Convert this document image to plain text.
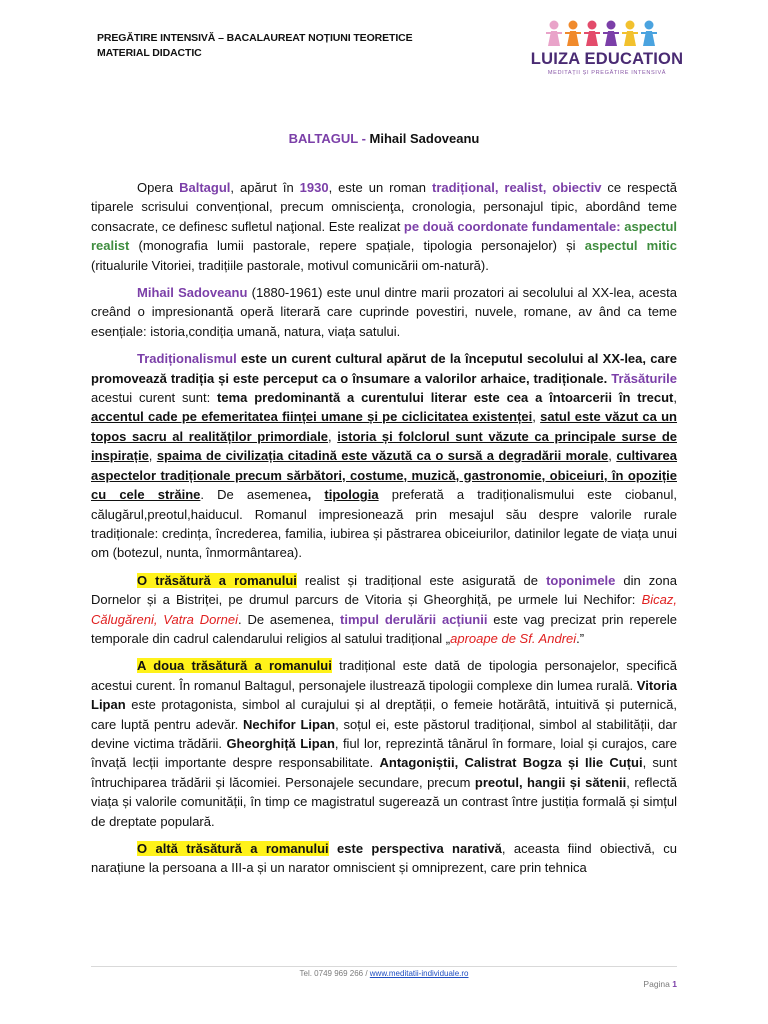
PREGĂTIRE INTENSIVĂ – BACALAUREAT NOȚIUNI TEORETICE
MATERIAL DIDACTIC	LUIZA EDUCATION
MEDITAȚII ȘI PREGĂTIRE INTENSIVĂ
BALTAGUL - Mihail Sadoveanu

Opera Baltagul, apărut în 1930, este un roman tradițional, realist, obiectiv ce respectă tiparele scrisului convențional, precum omniscienţa, cronologia, personajul tipic, abordând teme consacrate, ce definesc sufletul naţional. Este realizat pe două coordonate fundamentale: aspectul realist (monografia lumii pastorale, repere spațiale, tipologia personajelor) și aspectul mitic (ritualurile Vitoriei, tradițiile pastorale, motivul comunicării om-natură).

Mihail Sadoveanu (1880-1961) este unul dintre marii prozatori ai secolului al XX-lea, acesta creând o impresionantă operă literară care cuprinde povestiri, nuvele, romane, av ând ca teme esențiale: istoria,condiția umană, natura, viața satului.

Tradiționalismul este un curent cultural apărut de la începutul secolului al XX-lea, care promovează tradiția și este perceput ca o însumare a valorilor arhaice, tradiționale. Trăsăturile acestui curent sunt: tema predominantă a curentului literar este cea a întoarcerii în trecut, accentul cade pe efemeritatea ființei umane și pe ciclicitatea existenței, satul este văzut ca un topos sacru al realităților primordiale, istoria și folclorul sunt văzute ca principale surse de inspirație, spaima de civilizația citadină este văzută ca o sursă a degradării morale, cultivarea aspectelor tradiționale precum sărbători, costume, muzică, gastronomie, obiceiuri, în opoziție cu cele străine. De asemenea, tipologia preferată a tradiționalismului este ciobanul, călugărul,preotul,haiducul. Romanul impresionează prin mesajul său despre valorile rurale tradiționale: credința, încrederea, familia, iubirea și păstrarea obiceiurilor, datinilor legate de viața unui om (botezul, nunta, înmormântarea).

O trăsătură a romanului realist și tradițional este asigurată de toponimele din zona Dornelor și a Bistriței, pe drumul parcurs de Vitoria și Gheorghiță, pe urmele lui Nechifor: Bicaz, Călugăreni, Vatra Dornei. De asemenea, timpul derulării acțiunii este vag precizat prin reperele temporale din cadrul calendarului religios al satului tradițional „aproape de Sf. Andrei.”

A doua trăsătură a romanului tradițional este dată de tipologia personajelor, specifică acestui curent. În romanul Baltagul, personajele ilustrează tipologii complexe din lumea rurală. Vitoria Lipan este protagonista, simbol al curajului și al dreptății, o femeie hotărâtă, intuitivă și puternică, care luptă pentru adevăr. Nechifor Lipan, soțul ei, este păstorul tradițional, simbol al stabilității, dar devine victima trădării. Gheorghiță Lipan, fiul lor, reprezintă tânărul în formare, loial și curajos, care învață lecții importante despre responsabilitate. Antagoniștii, Calistrat Bogza și Ilie Cuțui, sunt întruchiparea trădării și lăcomiei. Personajele secundare, precum preotul, hangii și sătenii, reflectă viața și valorile comunității, în timp ce magistratul sugerează un contrast între justiția formală și simțul de dreptate populară.

O altă trăsătură a romanului este perspectiva narativă, aceasta fiind obiectivă, cu narațiune la persoana a III-a și un narator omniscient și omniprezent, care prin tehnica

Tel. 0749 969 266 / www.meditatii-individuale.ro
Pagina 1
